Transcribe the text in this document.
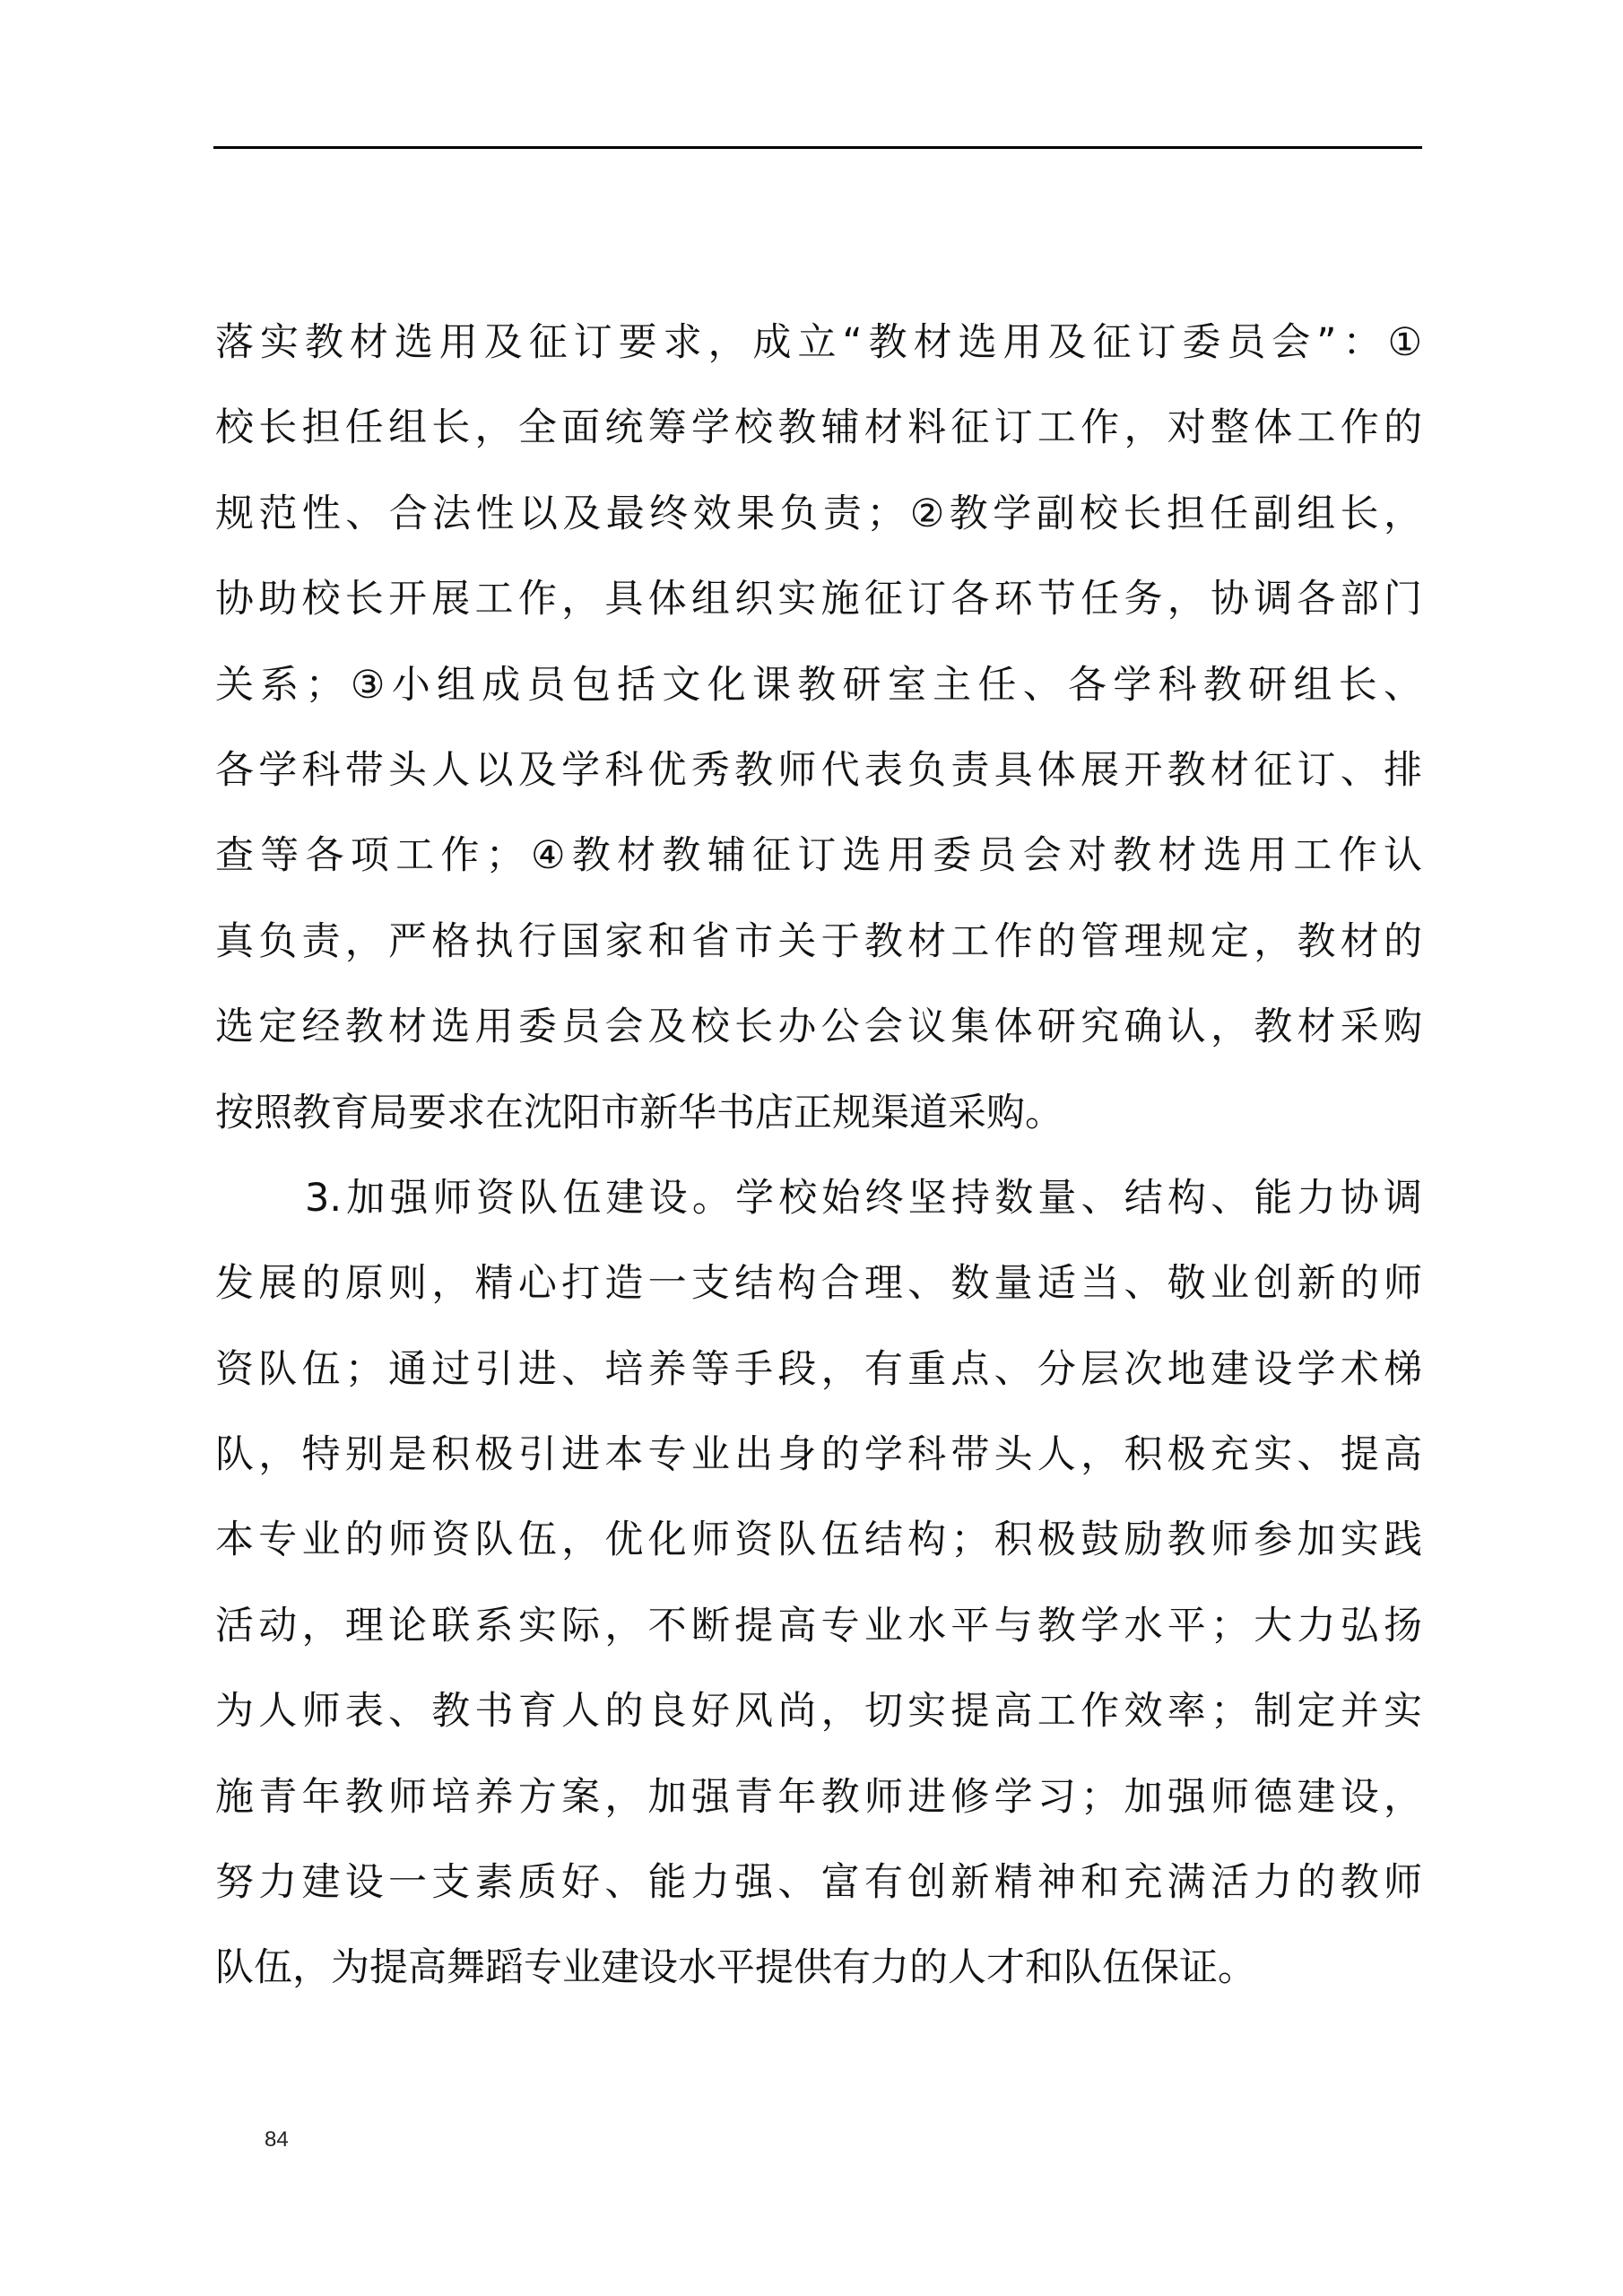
落实教材选用及征订要求，成立“教材选用及征订委员会”：①
校长担任组长，全面统筹学校教辅材料征订工作，对整体工作的
规范性、合法性以及最终效果负责；②教学副校长担任副组长，
协助校长开展工作，具体组织实施征订各环节任务，协调各部门
关系；③小组成员包括文化课教研室主任、各学科教研组长、
各学科带头人以及学科优秀教师代表负责具体展开教材征订、排
查等各项工作；④教材教辅征订选用委员会对教材选用工作认
真负责，严格执行国家和省市关于教材工作的管理规定，教材的
选定经教材选用委员会及校长办公会议集体研究确认，教材采购
按照教育局要求在沈阳市新华书店正规渠道采购。
3.加强师资队伍建设。学校始终坚持数量、结构、能力协调
发展的原则，精心打造一支结构合理、数量适当、敬业创新的师
资队伍；通过引进、培养等手段，有重点、分层次地建设学术梯
队，特别是积极引进本专业出身的学科带头人，积极充实、提高
本专业的师资队伍，优化师资队伍结构；积极鼓励教师参加实践
活动，理论联系实际，不断提高专业水平与教学水平；大力弘扬
为人师表、教书育人的良好风尚，切实提高工作效率；制定并实
施青年教师培养方案，加强青年教师进修学习；加强师德建设，
努力建设一支素质好、能力强、富有创新精神和充满活力的教师
队伍，为提高舞蹈专业建设水平提供有力的人才和队伍保证。
84
